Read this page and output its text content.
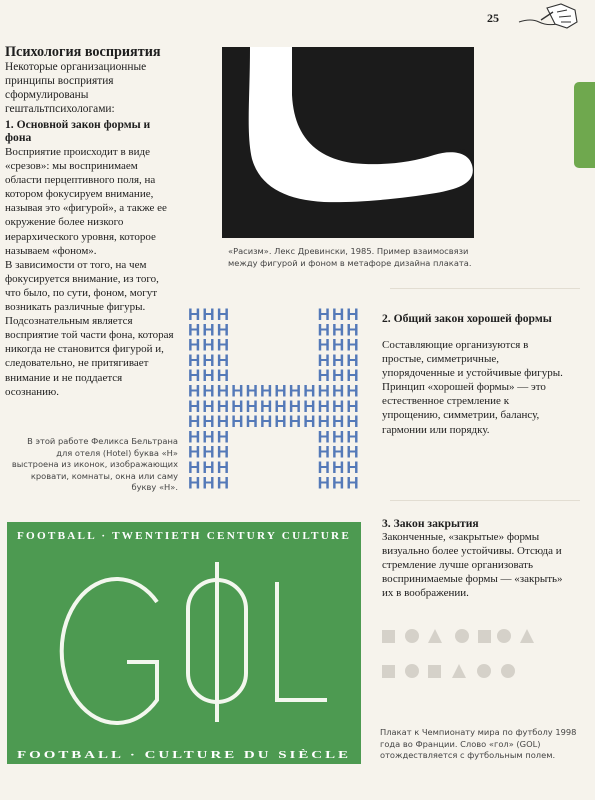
25
Психология восприятия
Некоторые организационные принципы восприятия сформулированы гештальтпсихологами:
1. Основной закон формы и фона

Восприятие происходит в виде «срезов»: мы воспринимаем области перцептивного поля, на котором фокусируем внимание, называя это «фигурой», а также ее окружение более низкого иерархического уровня, которое называем «фоном».

В зависимости от того, на чем фокусируется внимание, из того, что было, по сути, фоном, могут возникать различные фигуры.

Подсознательным является восприятие той части фона, которая никогда не становится фигурой и, следовательно, не притягивает внимание и не поддается осознанию.

«Расизм». Лекс Древински, 1985. Пример взаимосвязи между фигурой и фоном в метафоре дизайна плаката.
H H H	H H H
H H H	H H H
H H H	H H H
H H H	H H H
H H H	H H H
H H H H H H H H H H H H
H H H H H H H H H H H H
H H H H H H H H H H H H
H H H	H H H
H H H	H H H
H H H	H H H
H H H	H H H
В этой работе Феликса Бельтрана для отеля (Hotel) буква «Н» выстроена из иконок, изображающих кровати, комнаты, окна или саму букву «Н».
2. Общий закон хорошей формы
Составляющие организуются в простые, симметричные, упорядоченные и устойчивые фигуры. Принцип «хорошей формы» — это естественное стремление к упрощению, симметрии, балансу, гармонии или порядку.
3. Закон закрытия
Законченные, «закрытые» формы визуально более устойчивы. Отсюда и стремление лучше организовать воспринимаемые формы — «закрыть» их в воображении.
FOOTBALL · TWENTIETH CENTURY CULTURE
FOOTBALL · CULTURE DU SIÈCLE
Плакат к Чемпионату мира по футболу 1998 года во Франции. Слово «гол» (GOL) отождествляется с футбольным полем.
